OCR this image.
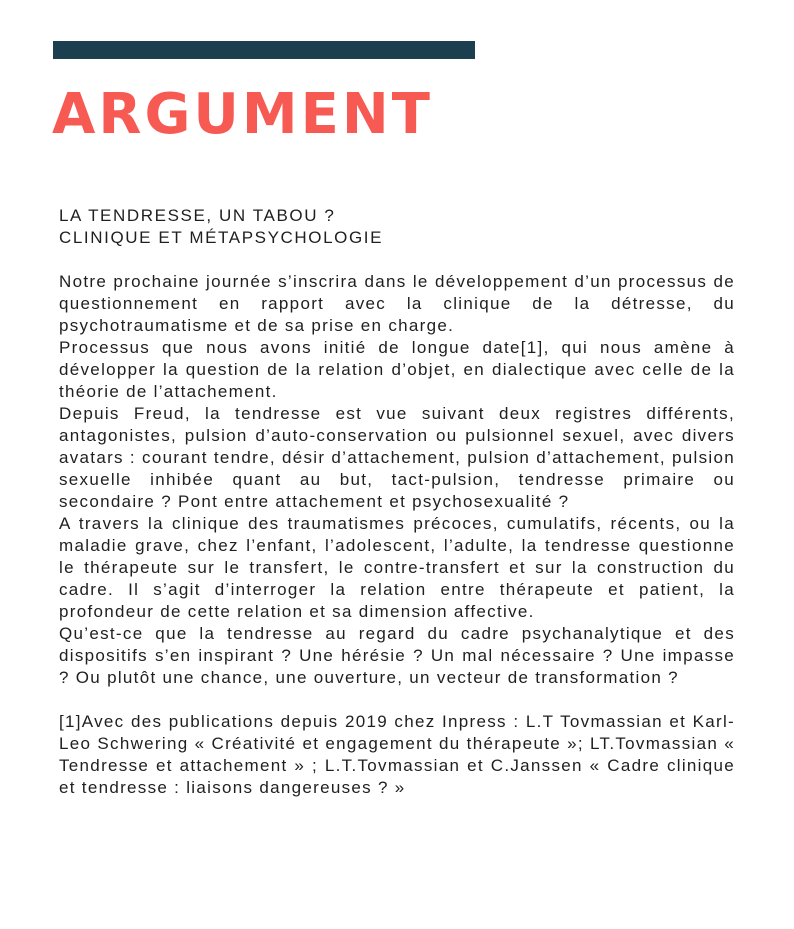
ARGUMENT
LA TENDRESSE, UN TABOU ?
CLINIQUE ET MÉTAPSYCHOLOGIE

Notre prochaine journée s’inscrira dans le développement d’un processus de questionnement en rapport avec la clinique de la détresse, du psychotraumatisme et de sa prise en charge.

Processus que nous avons initié de longue date[1], qui nous amène à développer la question de la relation d’objet, en dialectique avec celle de la théorie de l’attachement.

Depuis Freud, la tendresse est vue suivant deux registres différents, antagonistes, pulsion d’auto-conservation ou pulsionnel sexuel, avec divers avatars : courant tendre, désir d’attachement, pulsion d’attachement, pulsion sexuelle inhibée quant au but, tact-pulsion, tendresse primaire ou secondaire ? Pont entre attachement et psychosexualité ?

A travers la clinique des traumatismes précoces, cumulatifs, récents, ou la maladie grave, chez l’enfant, l’adolescent, l’adulte, la tendresse questionne le thérapeute sur le transfert, le contre-transfert et sur la construction du cadre. Il s’agit d’interroger la relation entre thérapeute et patient, la profondeur de cette relation et sa dimension affective.

Qu’est-ce que la tendresse au regard du cadre psychanalytique et des dispositifs s’en inspirant ? Une hérésie ? Un mal nécessaire ? Une impasse ? Ou plutôt une chance, une ouverture, un vecteur de transformation ?

[1]Avec des publications depuis 2019 chez Inpress : L.T Tovmassian et Karl-Leo Schwering « Créativité et engagement du thérapeute »; LT.Tovmassian « Tendresse et attachement » ; L.T.Tovmassian et C.Janssen « Cadre clinique et tendresse : liaisons dangereuses ? »
